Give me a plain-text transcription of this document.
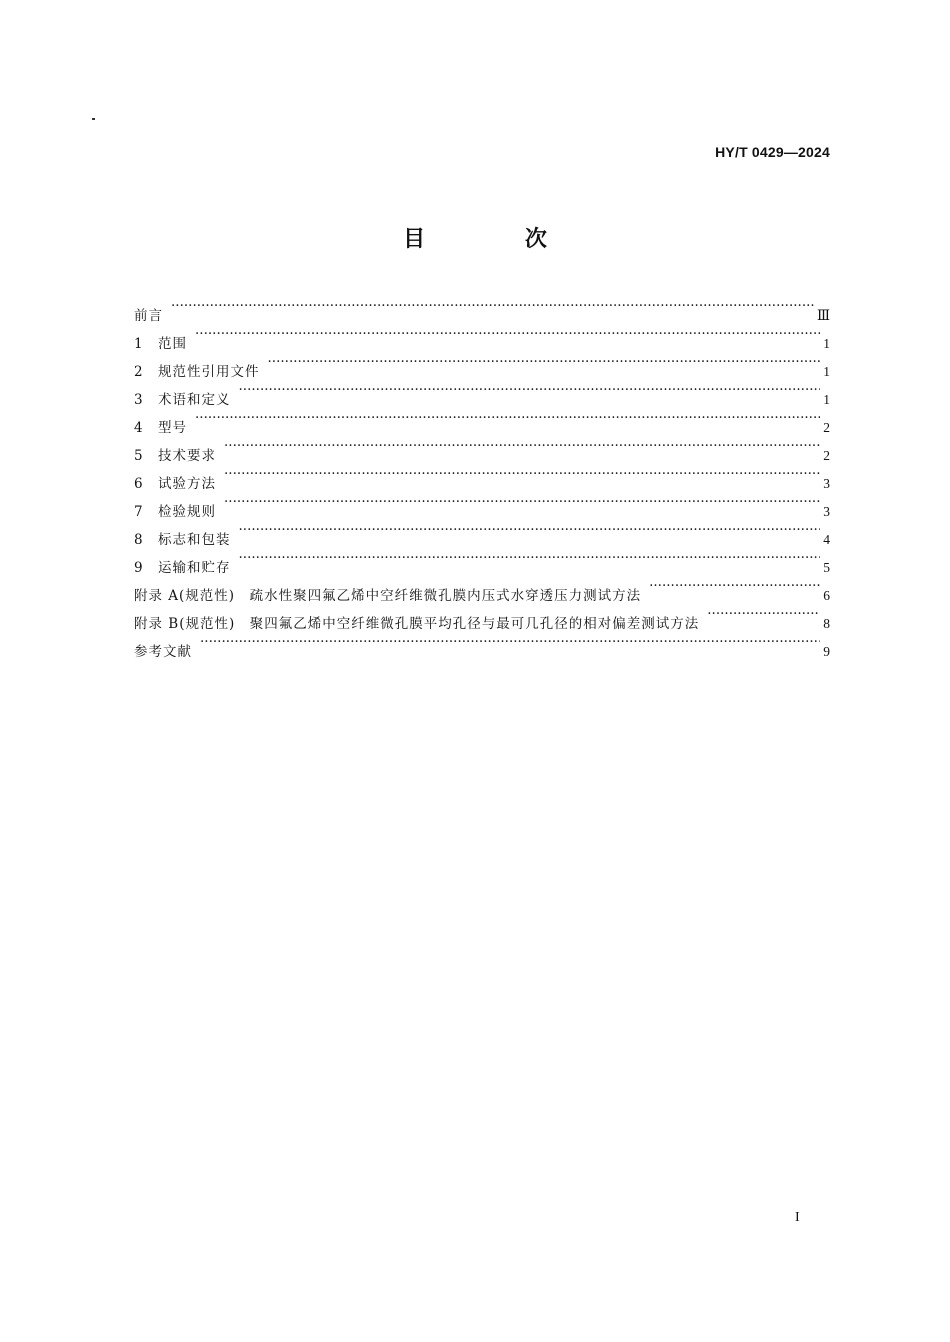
HY/T 0429—2024
目 次
前言 ·····	Ⅲ
1	范围 ·····	1
2	规范性引用文件 ·····	1
3	术语和定义 ·····	1
4	型号 ·····	2
5	技术要求 ·····	2
6	试验方法 ·····	3
7	检验规则 ·····	3
8	标志和包装 ·····	4
9	运输和贮存 ·····	5
附录 A(规范性)　疏水性聚四氟乙烯中空纤维微孔膜内压式水穿透压力测试方法 ·····	6
附录 B(规范性)　聚四氟乙烯中空纤维微孔膜平均孔径与最可几孔径的相对偏差测试方法 ·····	8
参考文献 ·····	9
I
